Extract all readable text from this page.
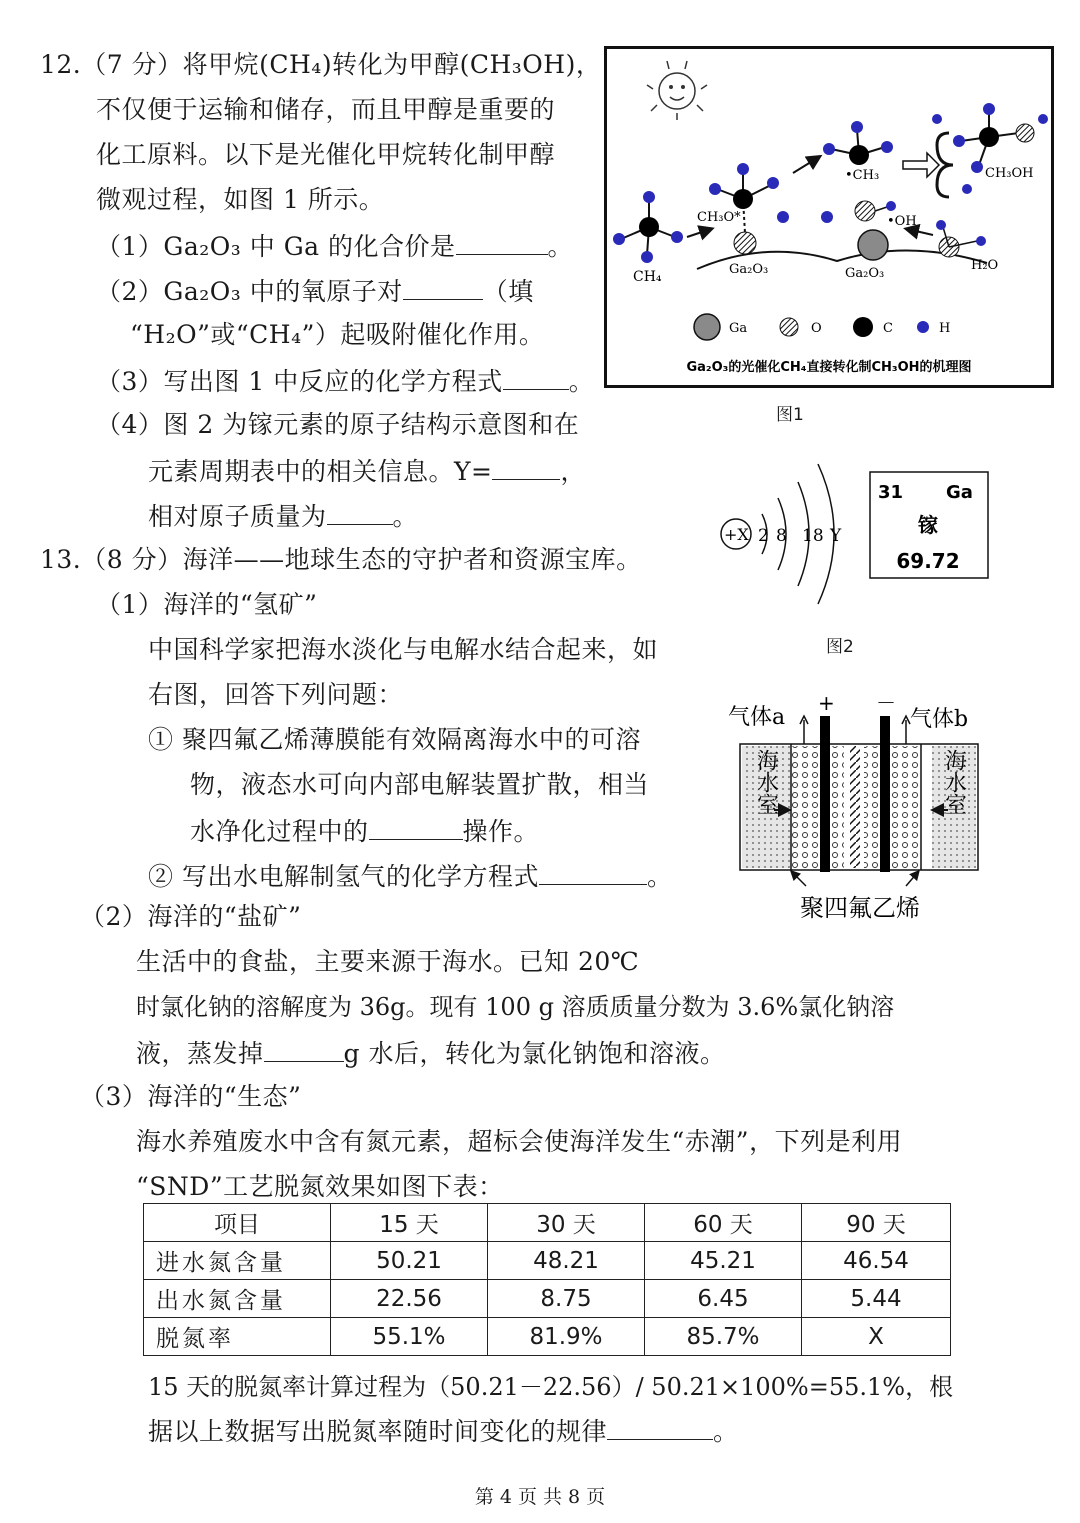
12.（7 分）将甲烷(CH₄)转化为甲醇(CH₃OH)，
不仅便于运输和储存，而且甲醇是重要的
化工原料。以下是光催化甲烷转化制甲醇
微观过程，如图 1 所示。
（1）Ga₂O₃ 中 Ga 的化合价是	。
（2）Ga₂O₃ 中的氧原子对	（填
“H₂O”或“CH₄”）起吸附催化作用。
（3）写出图 1 中反应的化学方程式	。
（4）图 2 为镓元素的原子结构示意图和在
元素周期表中的相关信息。Y=	，
相对原子质量为	。
CH₄
CH₃O*
Ga₂O₃
•CH₃
•OH
Ga₂O₃
H₂O
CH₃OH
Ga	O	C	H
Ga₂O₃的光催化CH₄直接转化制CH₃OH的机理图
图1
+X 2 8 18 Y
31 Ga
镓
69.72
图2
13.（8 分）海洋——地球生态的守护者和资源宝库。
（1）海洋的“氢矿”
中国科学家把海水淡化与电解水结合起来，如
右图，回答下列问题：
① 聚四氟乙烯薄膜能有效隔离海水中的可溶
物，液态水可向内部电解装置扩散，相当
水净化过程中的	操作。
② 写出水电解制氢气的化学方程式	。
气体a	气体b
+ －
海水室	海水室
聚四氟乙烯
（2）海洋的“盐矿”
生活中的食盐，主要来源于海水。已知 20℃
时氯化钠的溶解度为 36g。现有 100 g 溶质质量分数为 3.6%氯化钠溶
液，蒸发掉	g 水后，转化为氯化钠饱和溶液。
（3）海洋的“生态”
海水养殖废水中含有氮元素，超标会使海洋发生“赤潮”，下列是利用
“SND”工艺脱氮效果如图下表：
项目	15 天	30 天	60 天	90 天
进水氮含量	50.21	48.21	45.21	46.54
出水氮含量	22.56	8.75	6.45	5.44
脱氮率	55.1%	81.9%	85.7%	X
15 天的脱氮率计算过程为（50.21－22.56）/ 50.21×100%=55.1%，根
据以上数据写出脱氮率随时间变化的规律	。
第 4 页 共 8 页
